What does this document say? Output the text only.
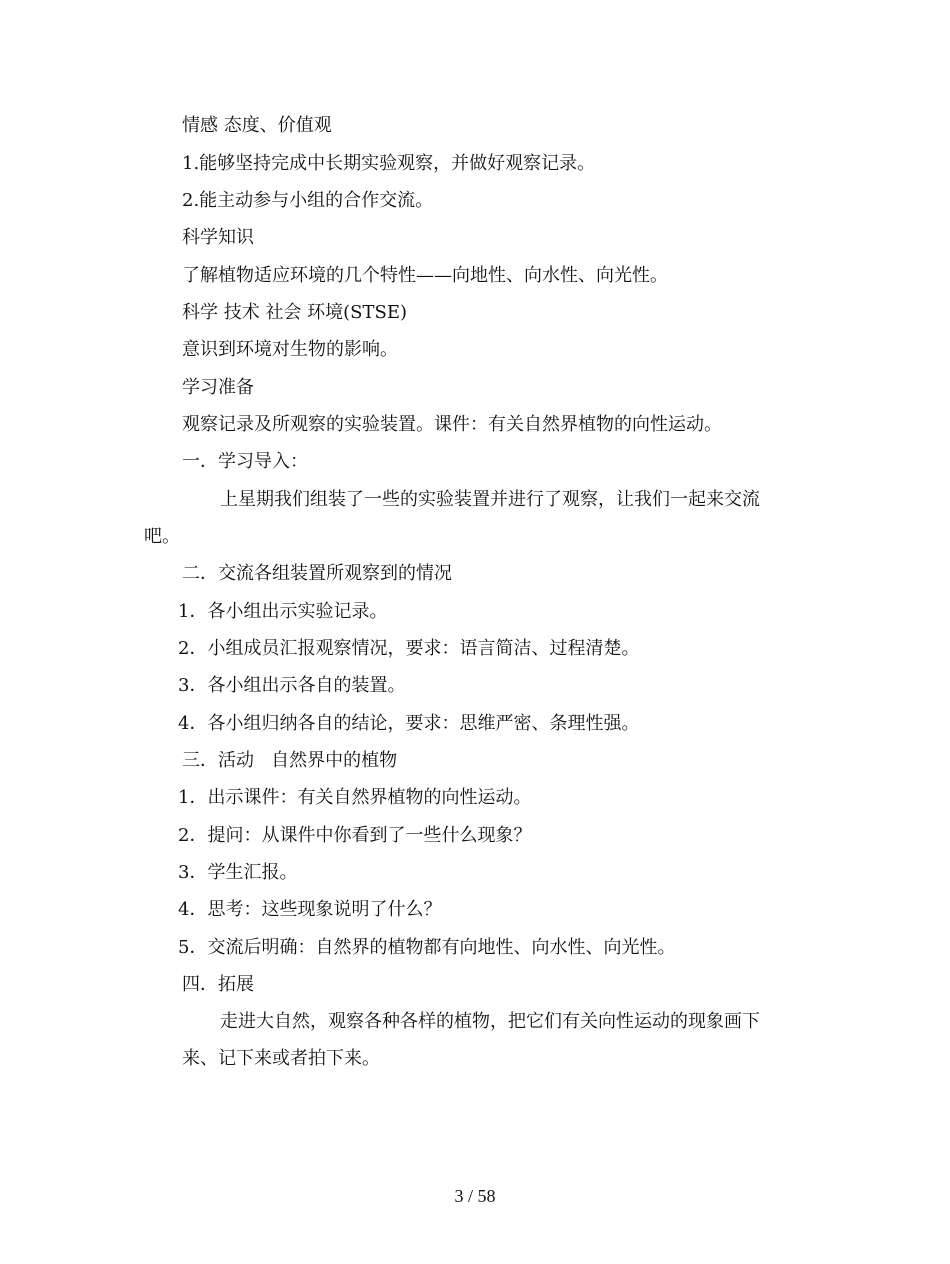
情感 态度、价值观

1.能够坚持完成中长期实验观察，并做好观察记录。

2.能主动参与小组的合作交流。

科学知识

了解植物适应环境的几个特性——向地性、向水性、向光性。

科学 技术 社会 环境(STSE)

意识到环境对生物的影响。

学习准备

观察记录及所观察的实验装置。课件：有关自然界植物的向性运动。

一．学习导入：

上星期我们组装了一些的实验装置并进行了观察，让我们一起来交流

吧。

二．交流各组装置所观察到的情况

1．各小组出示实验记录。

2．小组成员汇报观察情况，要求：语言简洁、过程清楚。

3．各小组出示各自的装置。

4．各小组归纳各自的结论，要求：思维严密、条理性强。

三．活动   自然界中的植物

1．出示课件：有关自然界植物的向性运动。

2．提问：从课件中你看到了一些什么现象？

3．学生汇报。

4．思考：这些现象说明了什么？

5．交流后明确：自然界的植物都有向地性、向水性、向光性。

四．拓展

走进大自然，观察各种各样的植物，把它们有关向性运动的现象画下

来、记下来或者拍下来。

3 / 58
